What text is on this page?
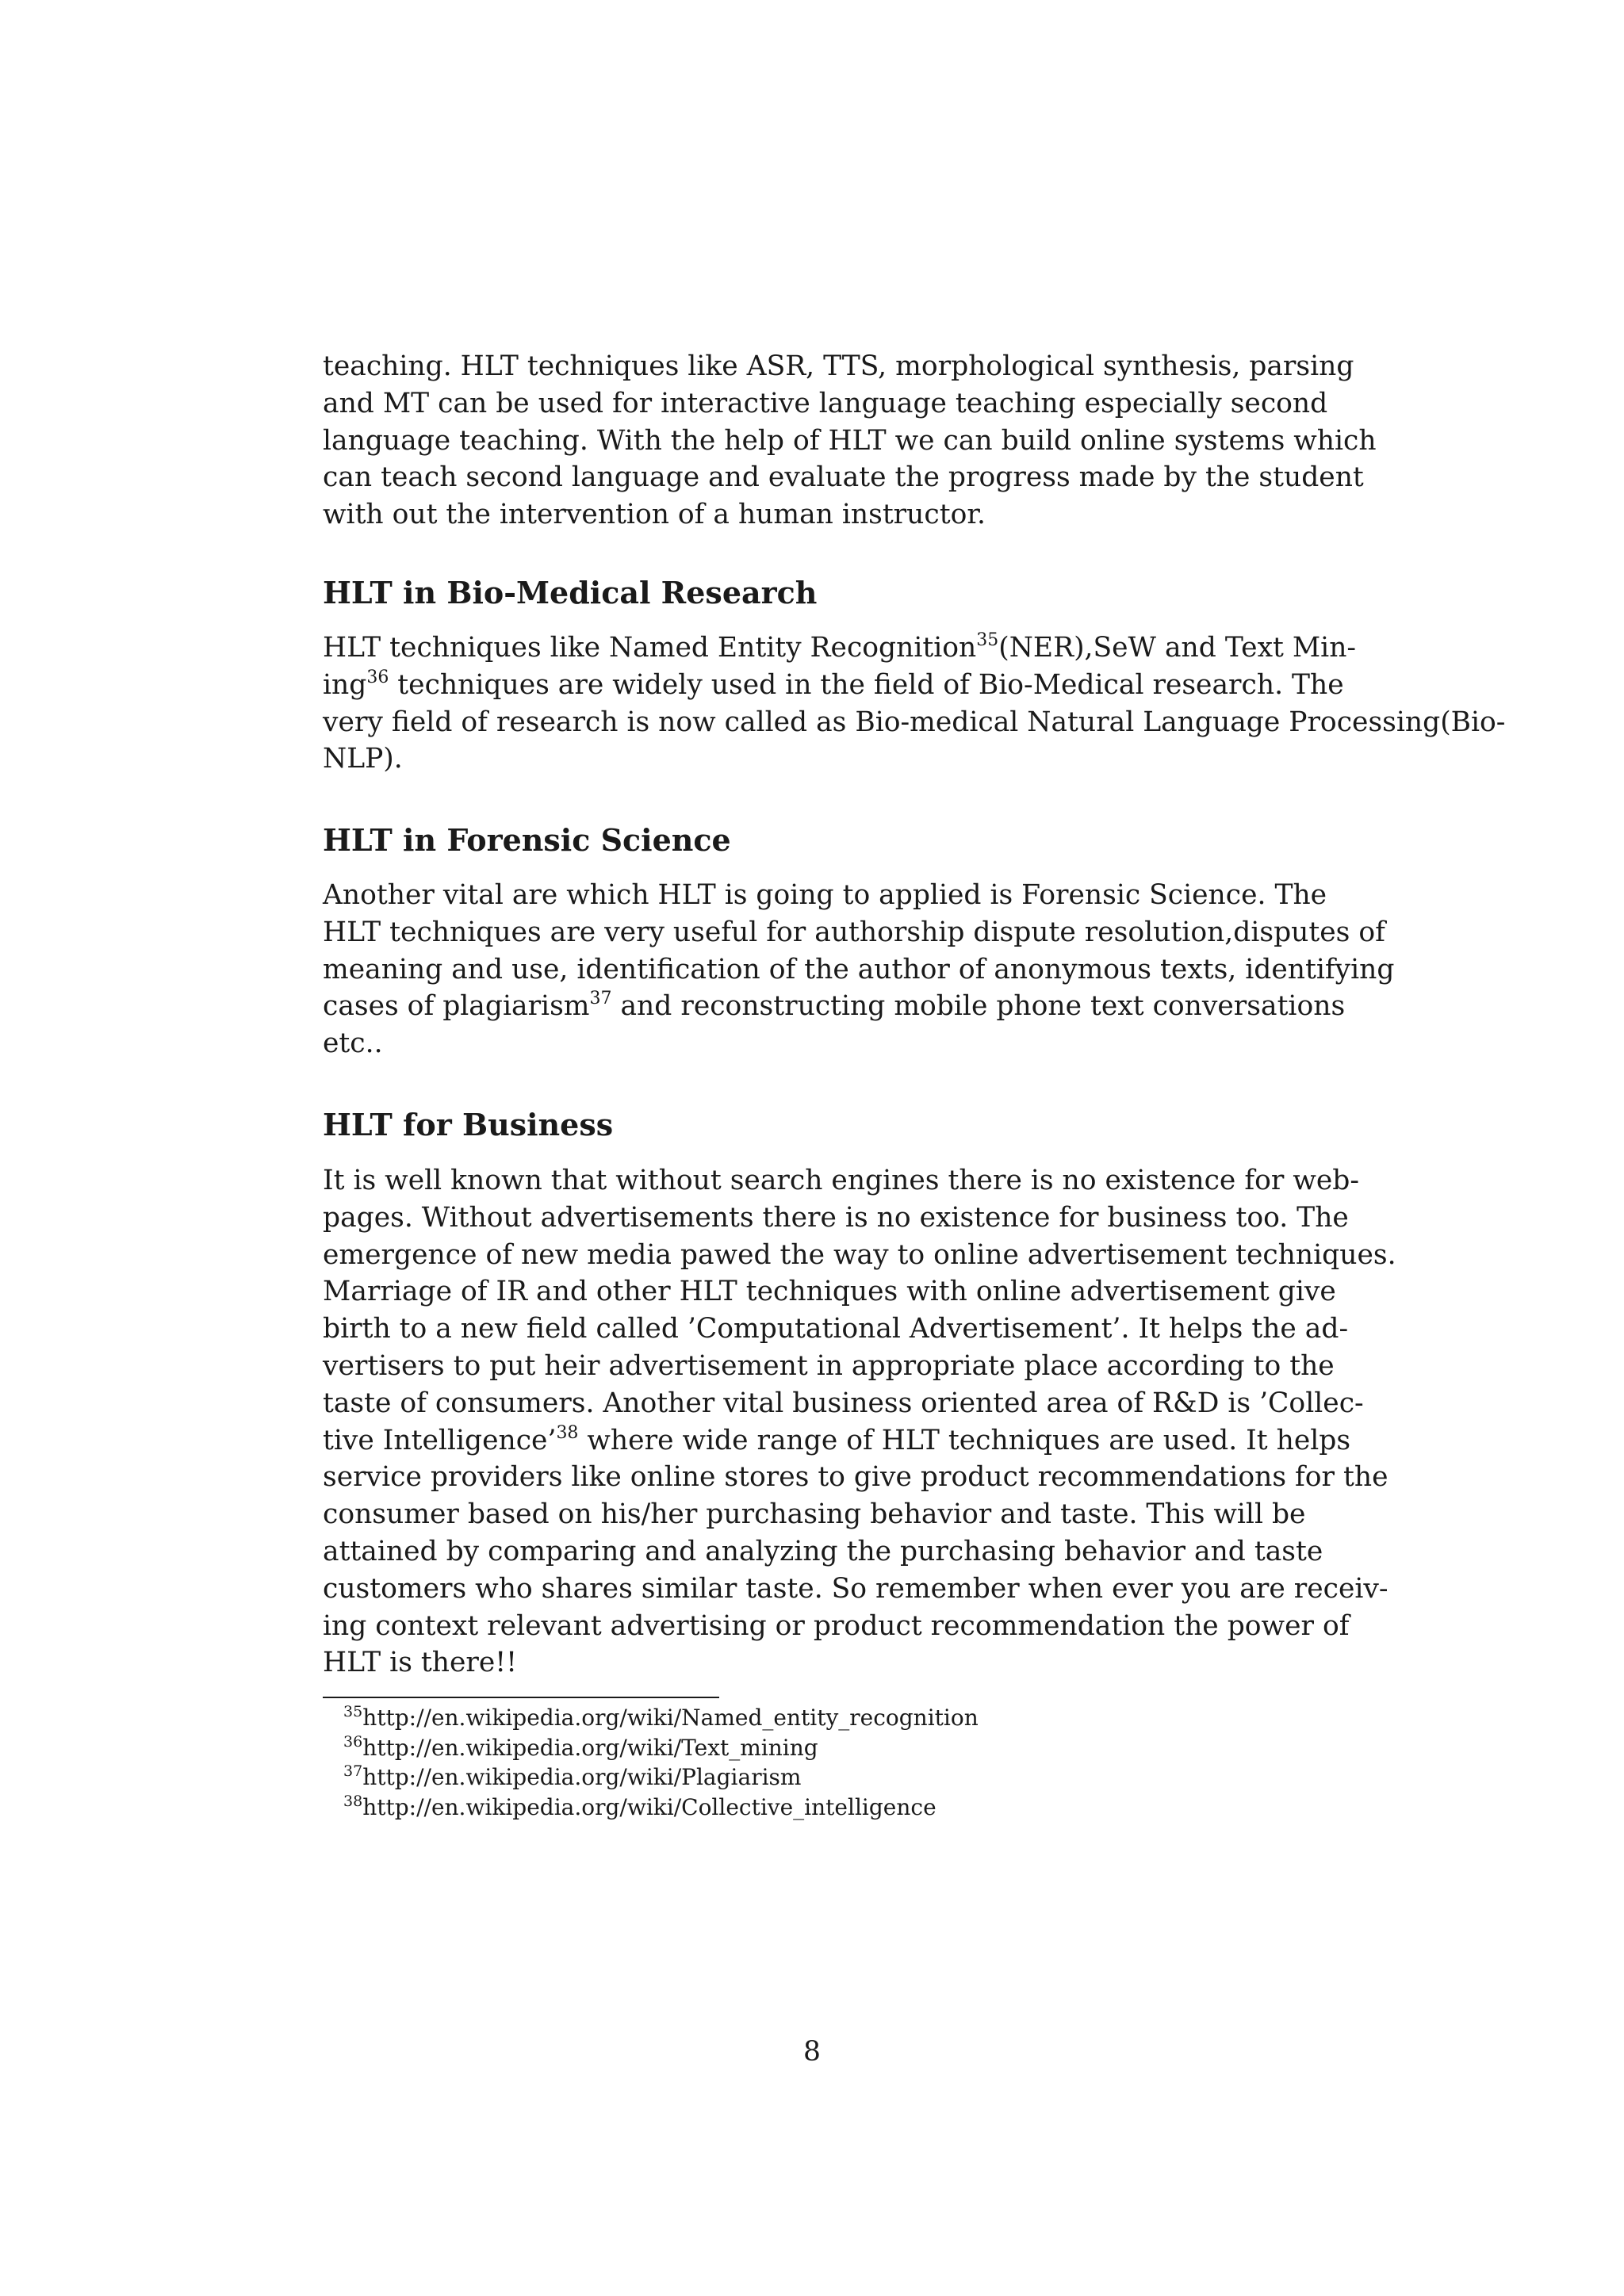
teaching. HLT techniques like ASR, TTS, morphological synthesis, parsing
and MT can be used for interactive language teaching especially second
language teaching. With the help of HLT we can build online systems which
can teach second language and evaluate the progress made by the student
with out the intervention of a human instructor.
HLT in Bio-Medical Research
HLT techniques like Named Entity Recognition$^{35}$(NER),SeW and Text Min-
ing$^{36}$ techniques are widely used in the field of Bio-Medical research. The
very field of research is now called as Bio-medical Natural Language Processing(Bio-
NLP).
HLT in Forensic Science
Another vital are which HLT is going to applied is Forensic Science. The
HLT techniques are very useful for authorship dispute resolution,disputes of
meaning and use, identification of the author of anonymous texts, identifying
cases of plagiarism$^{37}$ and reconstructing mobile phone text conversations
etc..
HLT for Business
It is well known that without search engines there is no existence for web-
pages. Without advertisements there is no existence for business too. The
emergence of new media pawed the way to online advertisement techniques.
Marriage of IR and other HLT techniques with online advertisement give
birth to a new field called ’Computational Advertisement’. It helps the ad-
vertisers to put heir advertisement in appropriate place according to the
taste of consumers. Another vital business oriented area of R&D is ’Collec-
tive Intelligence’$^{38}$ where wide range of HLT techniques are used. It helps
service providers like online stores to give product recommendations for the
consumer based on his/her purchasing behavior and taste. This will be
attained by comparing and analyzing the purchasing behavior and taste
customers who shares similar taste. So remember when ever you are receiv-
ing context relevant advertising or product recommendation the power of
HLT is there!!
$^{35}$http://en.wikipedia.org/wiki/Named_entity_recognition
$^{36}$http://en.wikipedia.org/wiki/Text_mining
$^{37}$http://en.wikipedia.org/wiki/Plagiarism
$^{38}$http://en.wikipedia.org/wiki/Collective_intelligence
8
